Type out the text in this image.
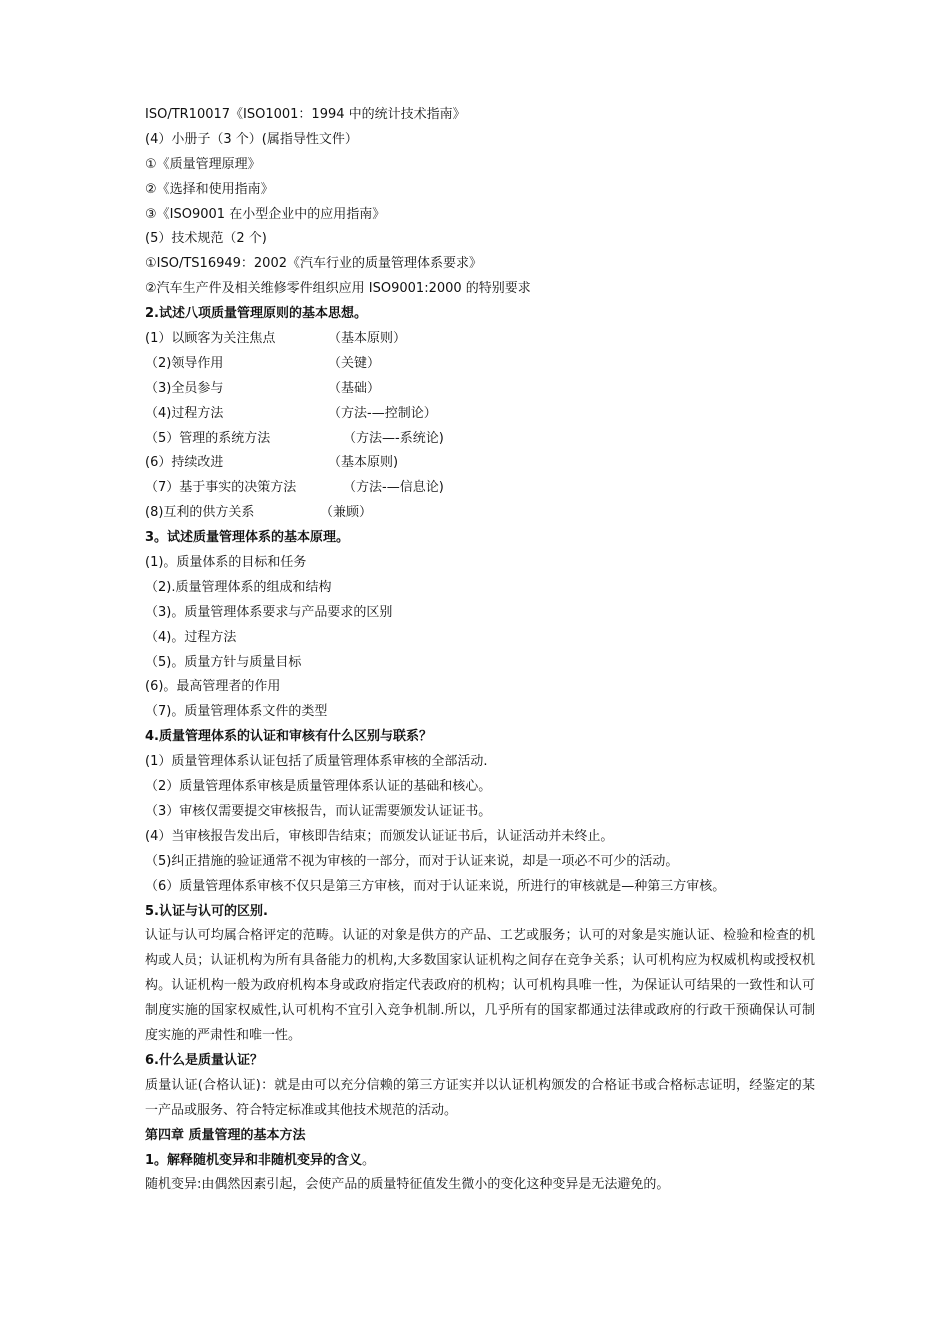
ISO/TR10017《ISO1001：1994 中的统计技术指南》
(4）小册子（3 个）(属指导性文件）
①《质量管理原理》
②《选择和使用指南》
③《ISO9001 在小型企业中的应用指南》
(5）技术规范（2 个)
①ISO/TS16949：2002《汽车行业的质量管理体系要求》
②汽车生产件及相关维修零件组织应用 ISO9001:2000 的特别要求
2.试述八项质量管理原则的基本思想。
(1）以顾客为关注焦点	（基本原则）
（2)领导作用	（关键）
（3)全员参与	（基础）
（4)过程方法	（方法-—控制论）
（5）管理的系统方法	（方法—-系统论)
(6）持续改进	（基本原则)
（7）基于事实的决策方法	（方法-—信息论)
(8)互利的供方关系	（兼顾）
3。试述质量管理体系的基本原理。
(1)。质量体系的目标和任务
（2).质量管理体系的组成和结构
（3)。质量管理体系要求与产品要求的区别
（4)。过程方法
（5)。质量方针与质量目标
(6)。最高管理者的作用
（7)。质量管理体系文件的类型
4.质量管理体系的认证和审核有什么区别与联系？
(1）质量管理体系认证包括了质量管理体系审核的全部活动.
（2）质量管理体系审核是质量管理体系认证的基础和核心。
（3）审核仅需要提交审核报告，而认证需要颁发认证证书。
(4）当审核报告发出后，审核即告结束；而颁发认证证书后，认证活动并未终止。
（5)纠正措施的验证通常不视为审核的一部分，而对于认证来说，却是一项必不可少的活动。
（6）质量管理体系审核不仅只是第三方审核，而对于认证来说，所进行的审核就是—种第三方审核。
5.认证与认可的区别.
认证与认可均属合格评定的范畴。认证的对象是供方的产品、工艺或服务；认可的对象是实施认证、检验和检查的机构或人员；认证机构为所有具备能力的机构,大多数国家认证机构之间存在竞争关系；认可机构应为权威机构或授权机构。认证机构一般为政府机构本身或政府指定代表政府的机构；认可机构具唯一性，为保证认可结果的一致性和认可制度实施的国家权威性,认可机构不宜引入竞争机制.所以，几乎所有的国家都通过法律或政府的行政干预确保认可制度实施的严肃性和唯一性。
6.什么是质量认证？
质量认证(合格认证)：就是由可以充分信赖的第三方证实并以认证机构颁发的合格证书或合格标志证明，经鉴定的某一产品或服务、符合特定标准或其他技术规范的活动。
第四章 质量管理的基本方法
1。解释随机变异和非随机变异的含义。
随机变异:由偶然因素引起，会使产品的质量特征值发生微小的变化这种变异是无法避免的。
